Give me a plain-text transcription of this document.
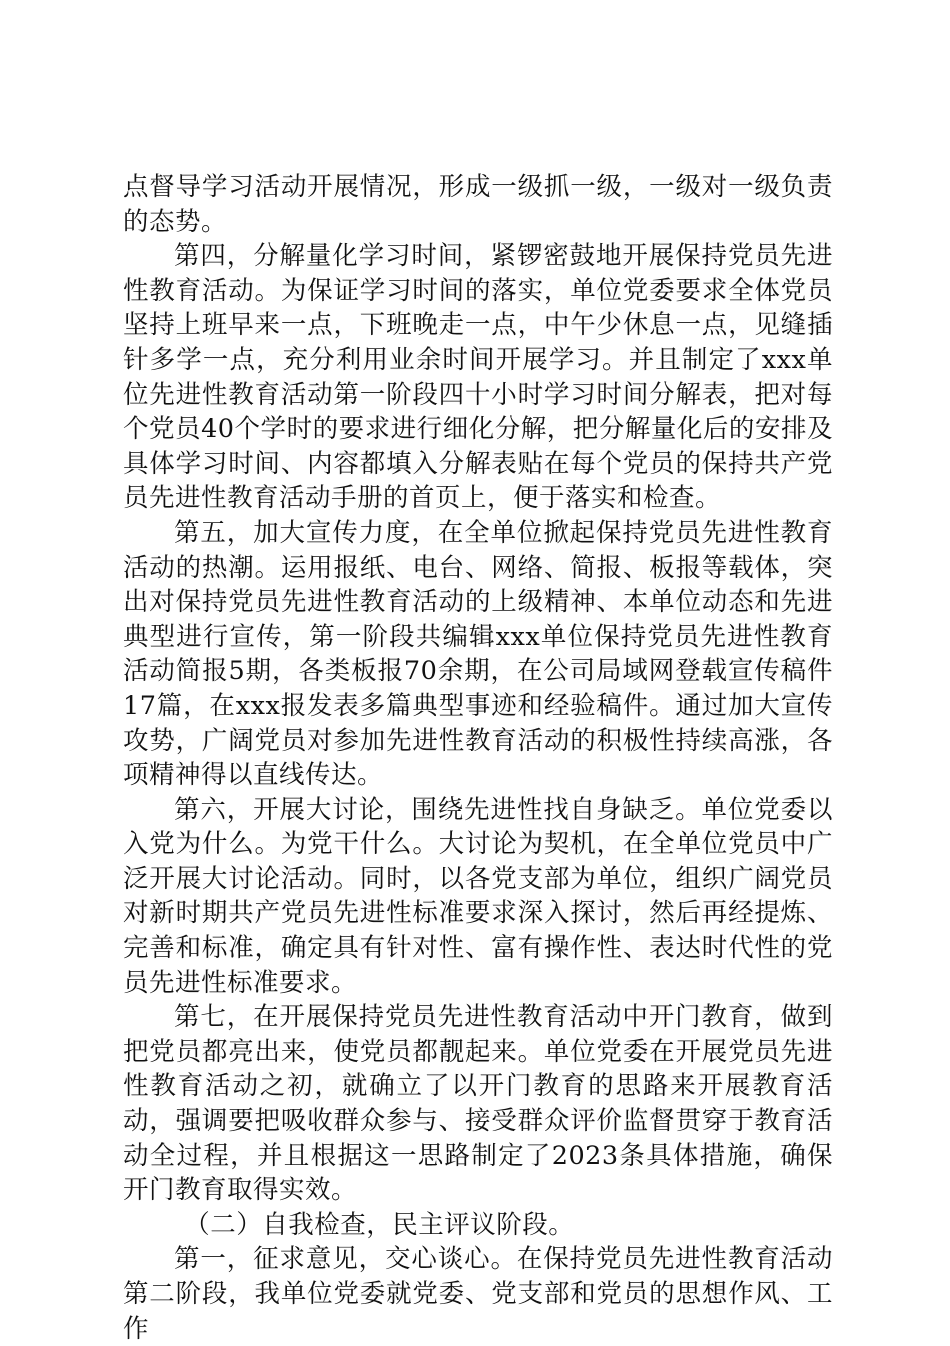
点督导学习活动开展情况，形成一级抓一级，一级对一级负责的态势。

第四，分解量化学习时间，紧锣密鼓地开展保持党员先进性教育活动。为保证学习时间的落实，单位党委要求全体党员坚持上班早来一点，下班晚走一点，中午少休息一点，见缝插针多学一点，充分利用业余时间开展学习。并且制定了xxx单位先进性教育活动第一阶段四十小时学习时间分解表，把对每个党员40个学时的要求进行细化分解，把分解量化后的安排及具体学习时间、内容都填入分解表贴在每个党员的保持共产党员先进性教育活动手册的首页上，便于落实和检查。

第五，加大宣传力度，在全单位掀起保持党员先进性教育活动的热潮。运用报纸、电台、网络、简报、板报等载体，突出对保持党员先进性教育活动的上级精神、本单位动态和先进典型进行宣传，第一阶段共编辑xxx单位保持党员先进性教育活动简报5期，各类板报70余期，在公司局域网登载宣传稿件17篇，在xxx报发表多篇典型事迹和经验稿件。通过加大宣传攻势，广阔党员对参加先进性教育活动的积极性持续高涨，各项精神得以直线传达。

第六，开展大讨论，围绕先进性找自身缺乏。单位党委以入党为什么。为党干什么。大讨论为契机，在全单位党员中广泛开展大讨论活动。同时，以各党支部为单位，组织广阔党员对新时期共产党员先进性标准要求深入探讨，然后再经提炼、完善和标准，确定具有针对性、富有操作性、表达时代性的党员先进性标准要求。

第七，在开展保持党员先进性教育活动中开门教育，做到把党员都亮出来，使党员都靓起来。单位党委在开展党员先进性教育活动之初，就确立了以开门教育的思路来开展教育活动，强调要把吸收群众参与、接受群众评价监督贯穿于教育活动全过程，并且根据这一思路制定了2023条具体措施，确保开门教育取得实效。

（二）自我检查，民主评议阶段。

第一，征求意见，交心谈心。在保持党员先进性教育活动第二阶段，我单位党委就党委、党支部和党员的思想作风、工作
